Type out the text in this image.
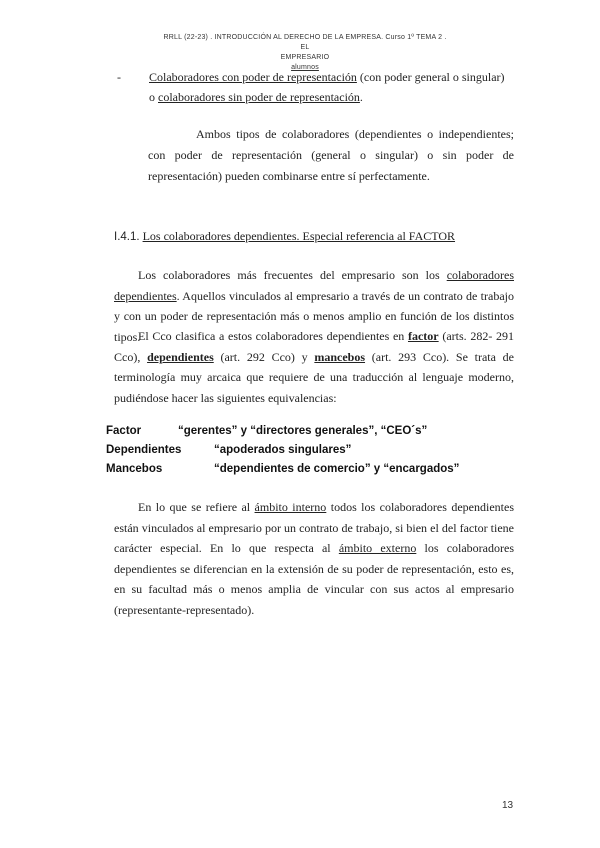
RRLL (22-23) . INTRODUCCIÓN AL DERECHO DE LA EMPRESA. Curso 1º TEMA 2 . EL
EMPRESARIO
alumnos
-	Colaboradores con poder de representación (con poder general o singular)
o colaboradores sin poder de representación.
Ambos tipos de colaboradores (dependientes o independientes; con poder de representación (general o singular) o sin poder de representación) pueden combinarse entre sí perfectamente.
I.4.1. Los colaboradores dependientes. Especial referencia al FACTOR
Los colaboradores más frecuentes del empresario son los colaboradores dependientes. Aquellos vinculados al empresario a través de un contrato de trabajo y con un poder de representación más o menos amplio en función de los distintos tipos.
El Cco clasifica a estos colaboradores dependientes en factor (arts. 282- 291 Cco), dependientes (art. 292 Cco) y mancebos (art. 293 Cco). Se trata de terminología muy arcaica que requiere de una traducción al lenguaje moderno, pudiéndose hacer las siguientes equivalencias:
Factor	“gerentes” y “directores generales”, “CEO´s”
Dependientes	“apoderados singulares”
Mancebos	“dependientes de comercio” y “encargados”
En lo que se refiere al ámbito interno todos los colaboradores dependientes están vinculados al empresario por un contrato de trabajo, si bien el del factor tiene carácter especial. En lo que respecta al ámbito externo los colaboradores dependientes se diferencian en la extensión de su poder de representación, esto es, en su facultad más o menos amplia de vincular con sus actos al empresario (representante-representado).
13
